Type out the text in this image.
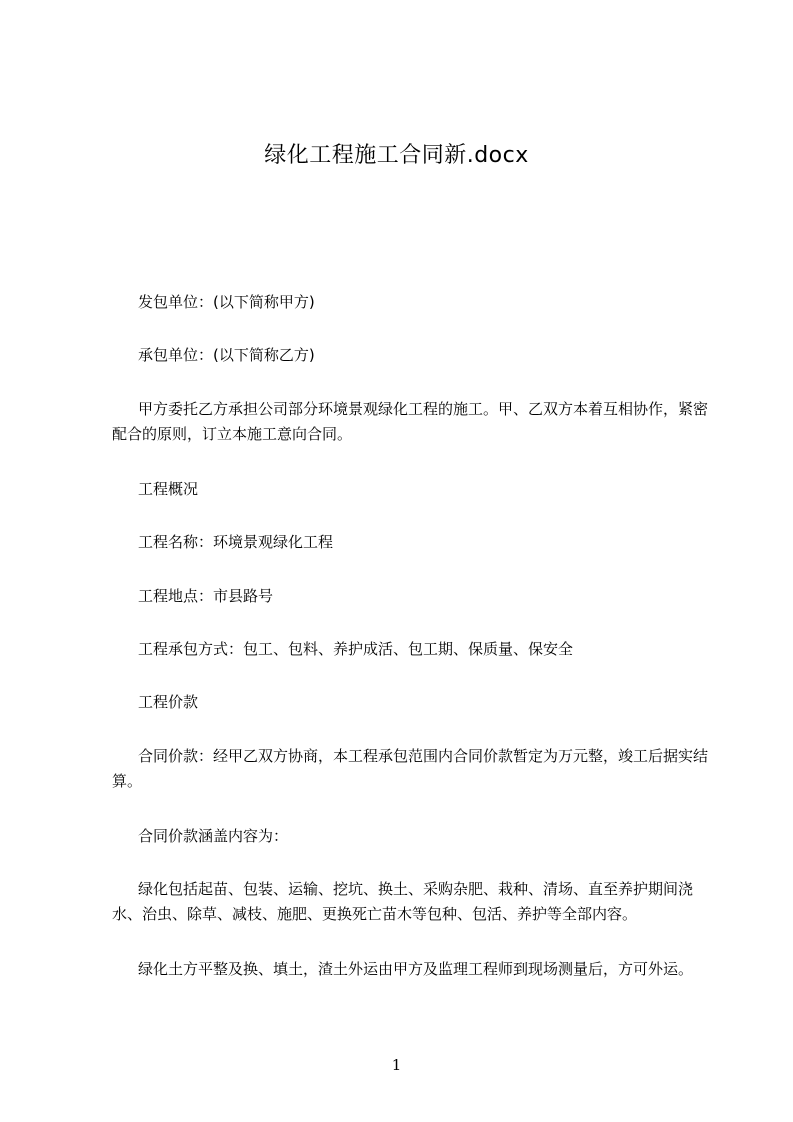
绿化工程施工合同新.docx
发包单位：(以下简称甲方)
承包单位：(以下简称乙方)
甲方委托乙方承担公司部分环境景观绿化工程的施工。甲、乙双方本着互相协作，紧密配合的原则，订立本施工意向合同。
工程概况
工程名称：环境景观绿化工程
工程地点：市县路号
工程承包方式：包工、包料、养护成活、包工期、保质量、保安全
工程价款
合同价款：经甲乙双方协商，本工程承包范围内合同价款暂定为万元整，竣工后据实结算。
合同价款涵盖内容为：
绿化包括起苗、包装、运输、挖坑、换土、采购杂肥、栽种、清场、直至养护期间浇水、治虫、除草、减枝、施肥、更换死亡苗木等包种、包活、养护等全部内容。
绿化土方平整及换、填土，渣土外运由甲方及监理工程师到现场测量后，方可外运。
1
